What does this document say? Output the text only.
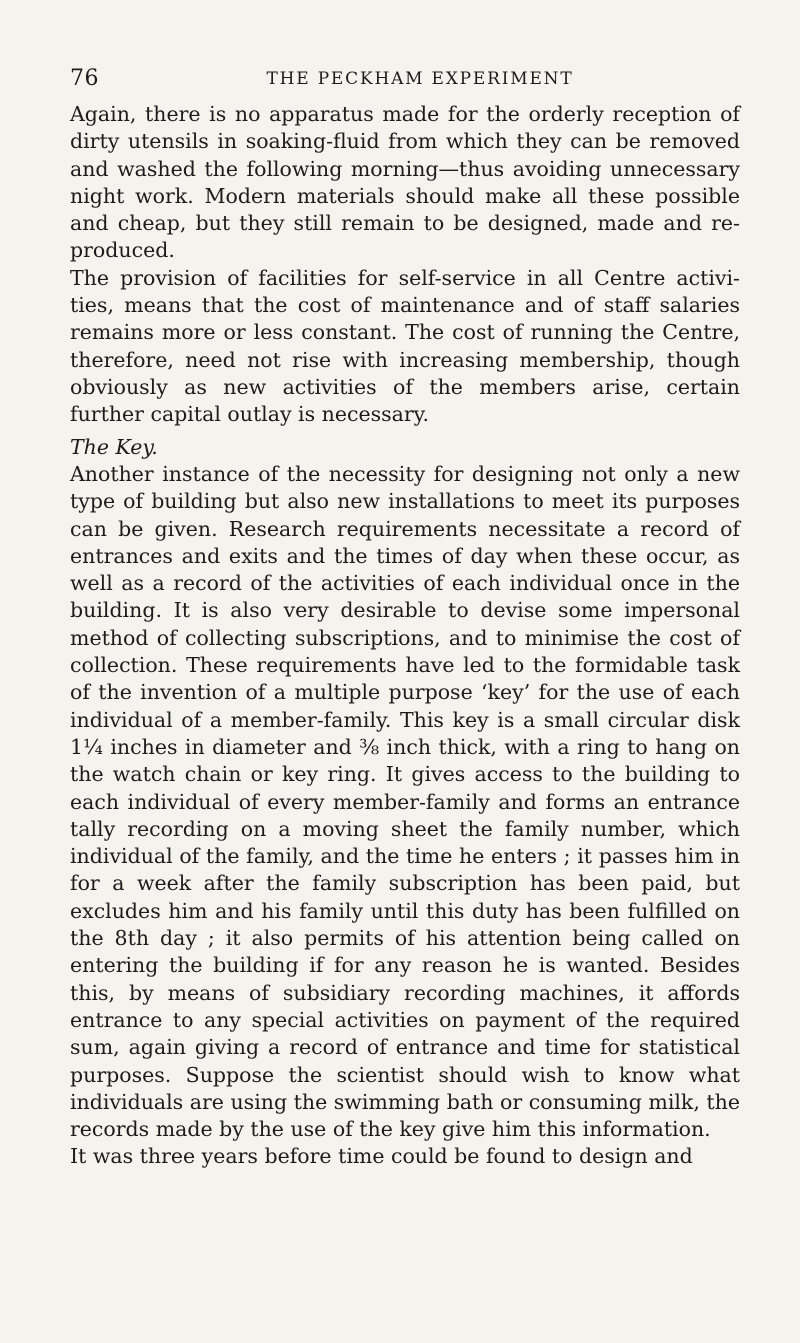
76	THE PECKHAM EXPERIMENT

Again, there is no apparatus made for the orderly reception of dirty utensils in soaking-fluid from which they can be removed and washed the following morning—thus avoiding unnecessary night work. Modern materials should make all these possible and cheap, but they still remain to be designed, made and re-produced.

The provision of facilities for self-service in all Centre activi-ties, means that the cost of maintenance and of staff salaries remains more or less constant. The cost of running the Centre, therefore, need not rise with increasing membership, though obviously as new activities of the members arise, certain further capital outlay is necessary.

The Key.

Another instance of the necessity for designing not only a new type of building but also new installations to meet its purposes can be given. Research requirements necessitate a record of entrances and exits and the times of day when these occur, as well as a record of the activities of each individual once in the building. It is also very desirable to devise some impersonal method of collecting subscriptions, and to minimise the cost of collection. These requirements have led to the formidable task of the invention of a multiple purpose ‘key’ for the use of each individual of a member-family. This key is a small circular disk 1¼ inches in diameter and ⅜ inch thick, with a ring to hang on the watch chain or key ring. It gives access to the building to each individual of every member-family and forms an entrance tally recording on a moving sheet the family number, which individual of the family, and the time he enters ; it passes him in for a week after the family subscription has been paid, but excludes him and his family until this duty has been fulfilled on the 8th day ; it also permits of his attention being called on entering the building if for any reason he is wanted. Besides this, by means of subsidiary recording machines, it affords entrance to any special activities on payment of the required sum, again giving a record of entrance and time for statistical purposes. Suppose the scientist should wish to know what individuals are using the swimming bath or consuming milk, the records made by the use of the key give him this information.

It was three years before time could be found to design and
